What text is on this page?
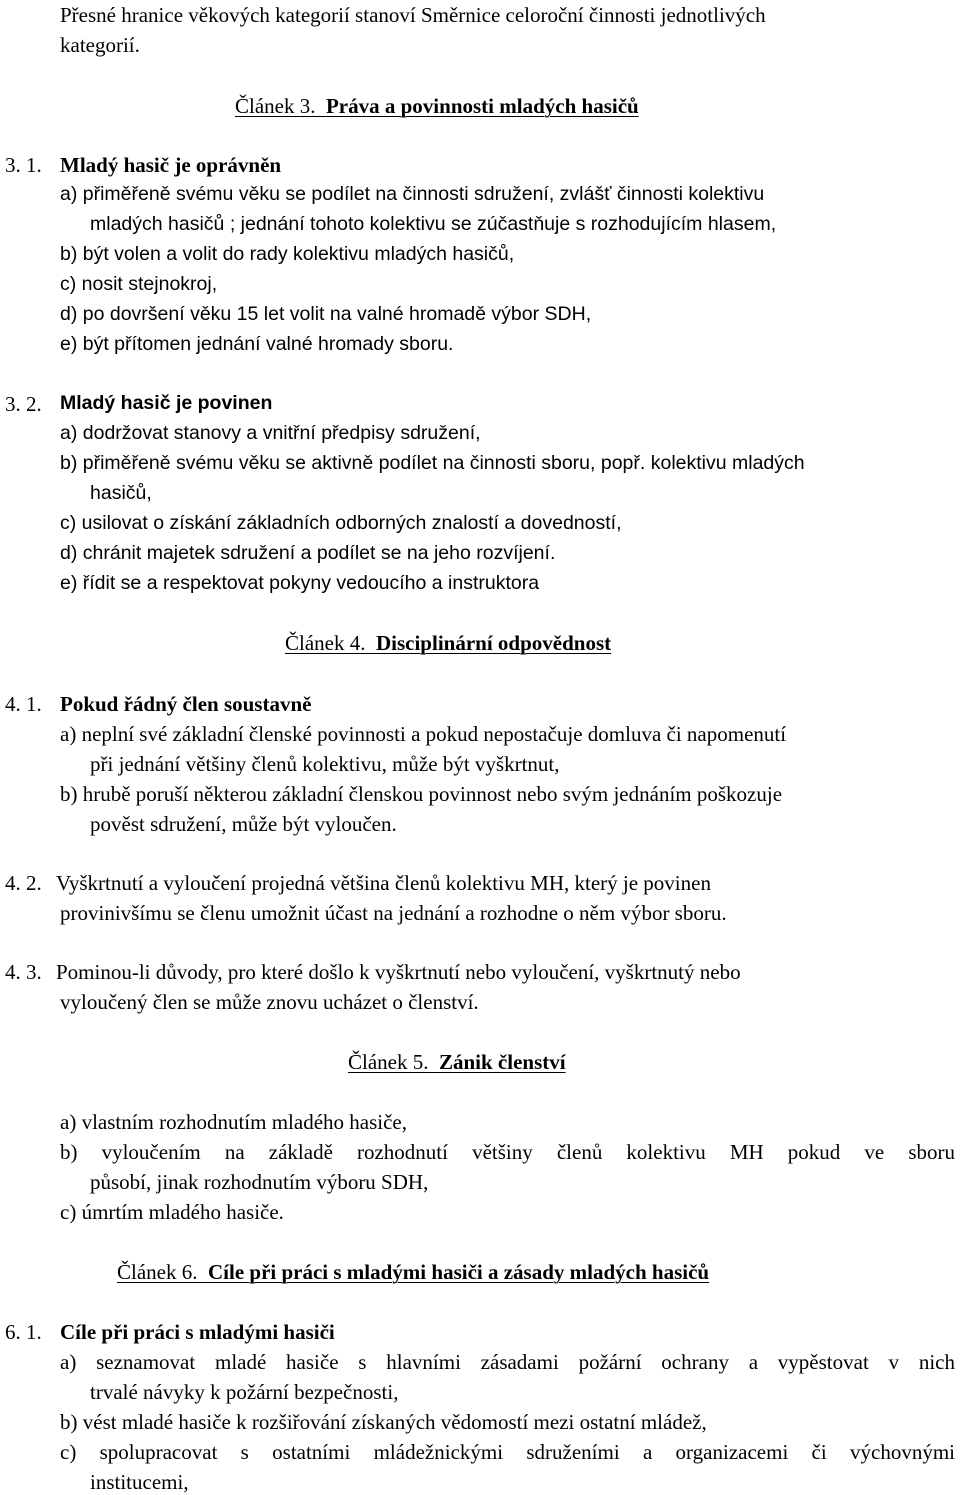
Přesné hranice věkových kategorií stanoví Směrnice celoroční činnosti jednotlivých
kategorií.
Článek 3. Práva a povinnosti mladých hasičů
3. 1. Mladý hasič je oprávněn
a) přiměřeně svému věku se podílet na činnosti sdružení, zvlášť činnosti kolektivu
mladých hasičů ; jednání tohoto kolektivu se zúčastňuje s rozhodujícím hlasem,
b) být volen a volit do rady kolektivu mladých hasičů,
c) nosit stejnokroj,
d) po dovršení věku 15 let volit na valné hromadě výbor SDH,
e) být přítomen jednání valné hromady sboru.
3. 2. Mladý hasič je povinen
a) dodržovat stanovy a vnitřní předpisy sdružení,
b) přiměřeně svému věku se aktivně podílet na činnosti sboru, popř. kolektivu mladých
hasičů,
c) usilovat o získání základních odborných znalostí a dovedností,
d) chránit majetek sdružení a podílet se na jeho rozvíjení.
e) řídit se a respektovat pokyny vedoucího a instruktora
Článek 4. Disciplinární odpovědnost
4. 1. Pokud řádný člen soustavně
a) neplní své základní členské povinnosti a pokud nepostačuje domluva či napomenutí
při jednání většiny členů kolektivu, může být vyškrtnut,
b) hrubě poruší některou základní členskou povinnost nebo svým jednáním poškozuje
pověst sdružení, může být vyloučen.
4. 2. Vyškrtnutí a vyloučení projedná většina členů kolektivu MH, který je povinen
provinivšímu se členu umožnit účast na jednání a rozhodne o něm výbor sboru.
4. 3. Pominou-li důvody, pro které došlo k vyškrtnutí nebo vyloučení, vyškrtnutý nebo
vyloučený člen se může znovu ucházet o členství.
Článek 5. Zánik členství
a) vlastním rozhodnutím mladého hasiče,
b) vyloučením na základě rozhodnutí většiny členů kolektivu MH pokud ve sboru
působí, jinak rozhodnutím výboru SDH,
c) úmrtím mladého hasiče.
Článek 6. Cíle při práci s mladými hasiči a zásady mladých hasičů
6. 1. Cíle při práci s mladými hasiči
a) seznamovat mladé hasiče s hlavními zásadami požární ochrany a vypěstovat v nich
trvalé návyky k požární bezpečnosti,
b) vést mladé hasiče k rozšiřování získaných vědomostí mezi ostatní mládež,
c) spolupracovat s ostatními mládežnickými sdruženími a organizacemi či výchovnými
institucemi,
